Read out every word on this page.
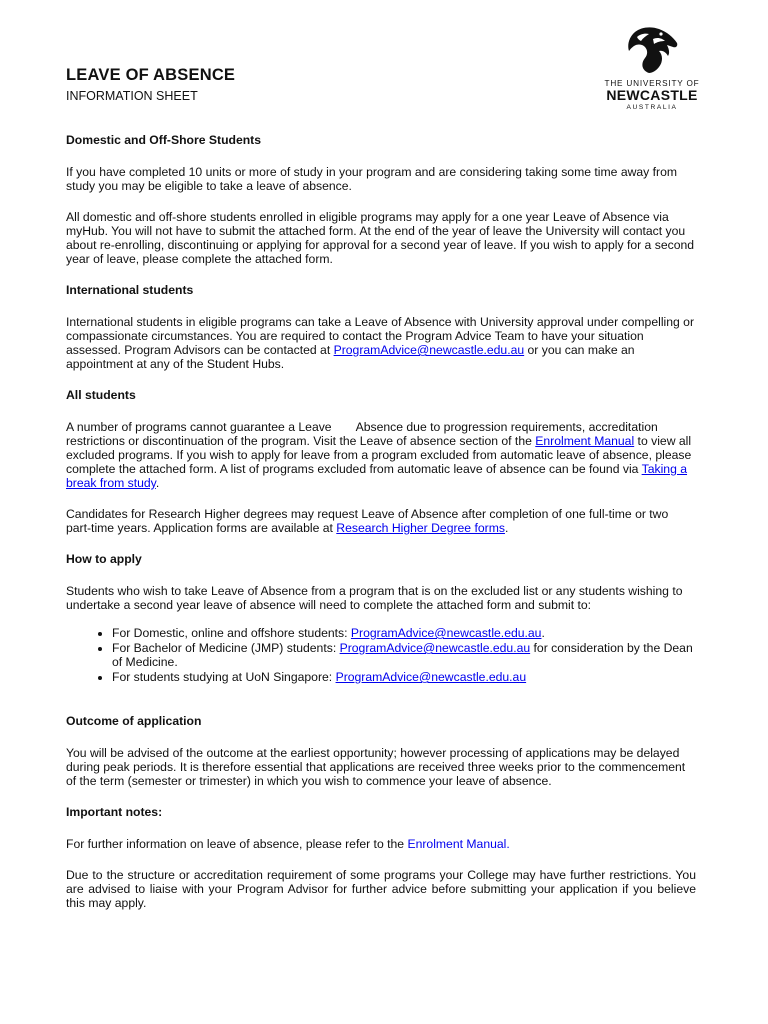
LEAVE OF ABSENCE
INFORMATION SHEET
THE UNIVERSITY OF
NEWCASTLE
AUSTRALIA
Domestic and Off-Shore Students

If you have completed 10 units or more of study in your program and are considering taking some time away from study you may be eligible to take a leave of absence.

All domestic and off-shore students enrolled in eligible programs may apply for a one year Leave of Absence via myHub. You will not have to submit the attached form. At the end of the year of leave the University will contact you about re-enrolling, discontinuing or applying for approval for a second year of leave. If you wish to apply for a second year of leave, please complete the attached form.

International students

International students in eligible programs can take a Leave of Absence with University approval under compelling or compassionate circumstances. You are required to contact the Program Advice Team to have your situation assessed. Program Advisors can be contacted at ProgramAdvice@newcastle.edu.au or you can make an appointment at any of the Student Hubs.

All students

A number of programs cannot guarantee a Leave Absence due to progression requirements, accreditation restrictions or discontinuation of the program. Visit the Leave of absence section of the Enrolment Manual to view all excluded programs. If you wish to apply for leave from a program excluded from automatic leave of absence, please complete the attached form. A list of programs excluded from automatic leave of absence can be found via Taking a break from study.

Candidates for Research Higher degrees may request Leave of Absence after completion of one full-time or two part-time years. Application forms are available at Research Higher Degree forms.

How to apply

Students who wish to take Leave of Absence from a program that is on the excluded list or any students wishing to undertake a second year leave of absence will need to complete the attached form and submit to:

• For Domestic, online and offshore students: ProgramAdvice@newcastle.edu.au.
• For Bachelor of Medicine (JMP) students: ProgramAdvice@newcastle.edu.au for consideration by the Dean of Medicine.
• For students studying at UoN Singapore: ProgramAdvice@newcastle.edu.au
Outcome of application

You will be advised of the outcome at the earliest opportunity; however processing of applications may be delayed during peak periods. It is therefore essential that applications are received three weeks prior to the commencement of the term (semester or trimester) in which you wish to commence your leave of absence.

Important notes:

For further information on leave of absence, please refer to the Enrolment Manual.

Due to the structure or accreditation requirement of some programs your College may have further restrictions. You are advised to liaise with your Program Advisor for further advice before submitting your application if you believe this may apply.
